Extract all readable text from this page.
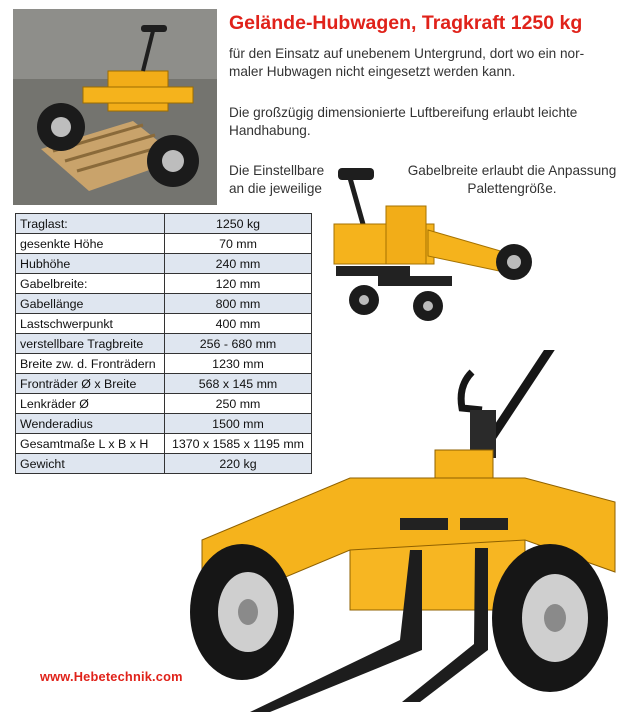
Gelände-Hubwagen, Tragkraft 1250 kg
für den Einsatz auf unebenem Untergrund, dort wo ein nor-
maler Hubwagen nicht eingesetzt werden kann.
Die großzügig dimensionierte Luftbereifung erlaubt leichte
Handhabung.
Die Einstellbare
an die jeweilige
Gabelbreite erlaubt die Anpassung
Palettengröße.
Traglast:	1250 kg
gesenkte Höhe	70 mm
Hubhöhe	240 mm
Gabelbreite:	120 mm
Gabellänge	800 mm
Lastschwerpunkt	400 mm
verstellbare Tragbreite	256 - 680 mm
Breite zw. d. Fronträdern	1230 mm
Fronträder Ø x Breite	568 x 145 mm
Lenkräder Ø	250 mm
Wenderadius	1500 mm
Gesamtmaße L x B x H	1370 x 1585 x 1195 mm
Gewicht	220 kg
www.Hebetechnik.com
